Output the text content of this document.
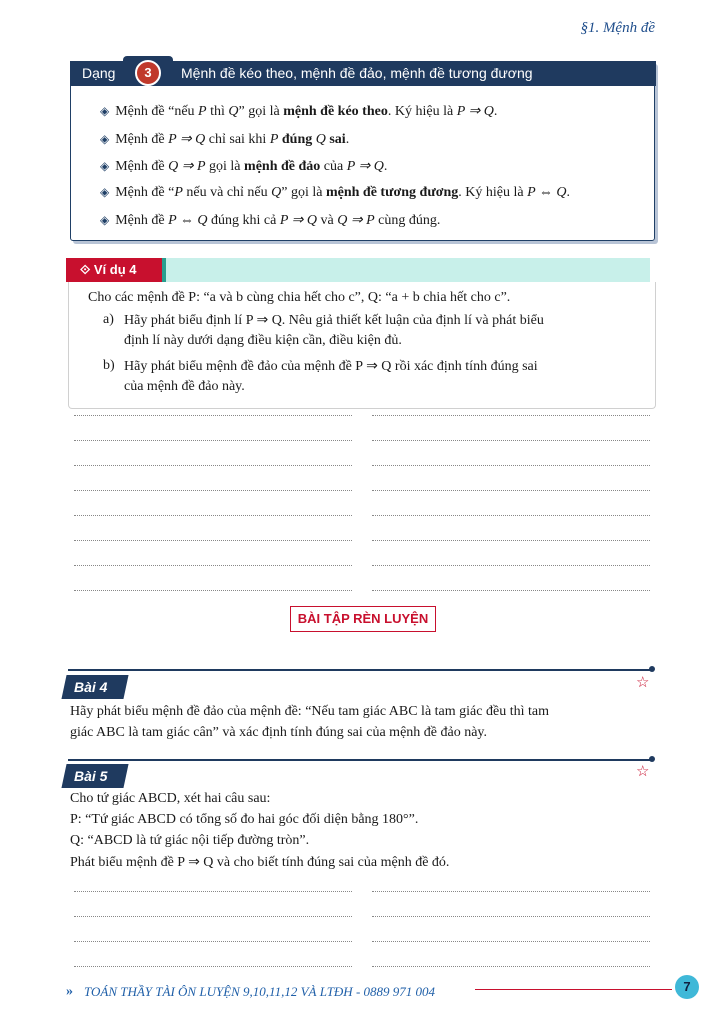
§1. Mệnh đề
Dạng	3	Mệnh đề kéo theo, mệnh đề đảo, mệnh đề tương đương
◈ Mệnh đề “nếu P thì Q” gọi là mệnh đề kéo theo. Ký hiệu là P ⇒ Q.
◈ Mệnh đề P ⇒ Q chỉ sai khi P đúng Q sai.
◈ Mệnh đề Q ⇒ P gọi là mệnh đề đảo của P ⇒ Q.
◈ Mệnh đề “P nếu và chỉ nếu Q” gọi là mệnh đề tương đương. Ký hiệu là P ⇔ Q.
◈ Mệnh đề P ⇔ Q đúng khi cả P ⇒ Q và Q ⇒ P cùng đúng.
⟐ Ví dụ 4
Cho các mệnh đề P: “a và b cùng chia hết cho c”, Q: “a + b chia hết cho c”.
a) Hãy phát biểu định lí P ⇒ Q. Nêu giả thiết kết luận của định lí và phát biểu
định lí này dưới dạng điều kiện cần, điều kiện đủ.
b) Hãy phát biểu mệnh đề đảo của mệnh đề P ⇒ Q rồi xác định tính đúng sai
của mệnh đề đảo này.
BÀI TẬP RÈN LUYỆN
Bài 4	☆
Hãy phát biểu mệnh đề đảo của mệnh đề: “Nếu tam giác ABC là tam giác đều thì tam
giác ABC là tam giác cân” và xác định tính đúng sai của mệnh đề đảo này.
Bài 5	☆
Cho tứ giác ABCD, xét hai câu sau:
P: “Tứ giác ABCD có tổng số đo hai góc đối diện bằng 180°”.
Q: “ABCD là tứ giác nội tiếp đường tròn”.
Phát biểu mệnh đề P ⇒ Q và cho biết tính đúng sai của mệnh đề đó.
» TOÁN THẦY TÀI ÔN LUYỆN 9,10,11,12 VÀ LTĐH - 0889 971 004	7
